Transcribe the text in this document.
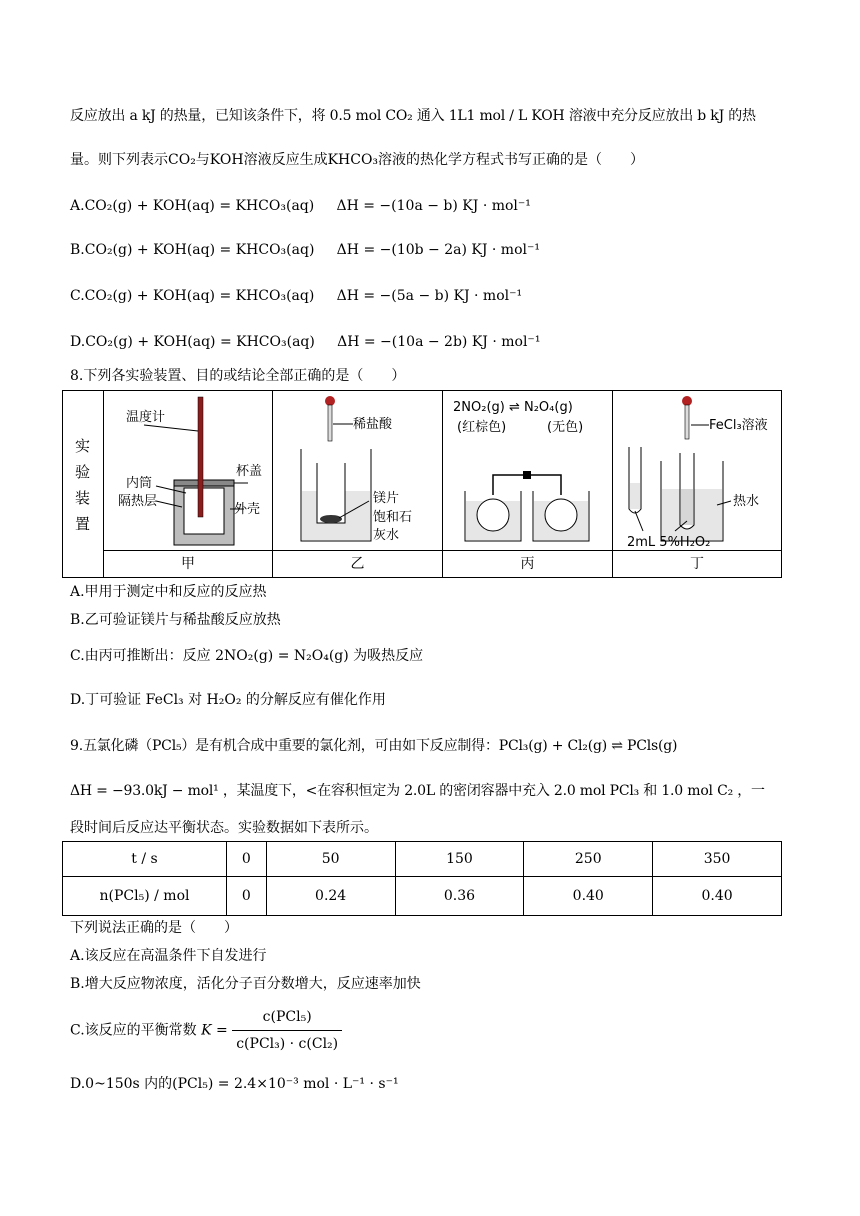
反应放出 a kJ 的热量，已知该条件下，将 0.5 mol CO₂ 通入 1L1 mol / L KOH 溶液中充分反应放出 b kJ 的热
量。则下列表示CO₂与KOH溶液反应生成KHCO₃溶液的热化学方程式书写正确的是（　　）
A.CO₂(g) + KOH(aq) = KHCO₃(aq) ΔH = −(10a − b) KJ · mol⁻¹
B.CO₂(g) + KOH(aq) = KHCO₃(aq) ΔH = −(10b − 2a) KJ · mol⁻¹
C.CO₂(g) + KOH(aq) = KHCO₃(aq) ΔH = −(5a − b) KJ · mol⁻¹
D.CO₂(g) + KOH(aq) = KHCO₃(aq) ΔH = −(10a − 2b) KJ · mol⁻¹
8.下列各实验装置、目的或结论全部正确的是（　　）
实
验
装
置
温度计
内筒
隔热层
杯盖
外壳
甲
稀盐酸
镁片
饱和石
灰水
乙
2NO₂(g) ⇌ N₂O₄(g)
(红棕色)	(无色)
丙
FeCl₃溶液
热水
2mL 5%H₂O₂
丁
A.甲用于测定中和反应的反应热
B.乙可验证镁片与稀盐酸反应放热
C.由丙可推断出：反应 2NO₂(g) = N₂O₄(g) 为吸热反应
D.丁可验证 FeCl₃ 对 H₂O₂ 的分解反应有催化作用
9.五氯化磷（PCl₅）是有机合成中重要的氯化剂，可由如下反应制得：PCl₃(g) + Cl₂(g) ⇌ PCls(g)
ΔH = −93.0kJ − mol¹ ，某温度下，<在容积恒定为 2.0L 的密闭容器中充入 2.0 mol PCl₃ 和 1.0 mol C₂ ，一
段时间后反应达平衡状态。实验数据如下表所示。
t / s	0	50	150	250	350
n(PCl₅) / mol	0	0.24	0.36	0.40	0.40
下列说法正确的是（　　）
A.该反应在高温条件下自发进行
B.增大反应物浓度，活化分子百分数增大，反应速率加快
C.该反应的平衡常数 $K = \frac{\text{c(PCl₅)}}{\text{c(PCl₃) · c(Cl₂)}}$
D.0~150s 内的(PCl₅) = 2.4×10⁻³ mol · L⁻¹ · s⁻¹
